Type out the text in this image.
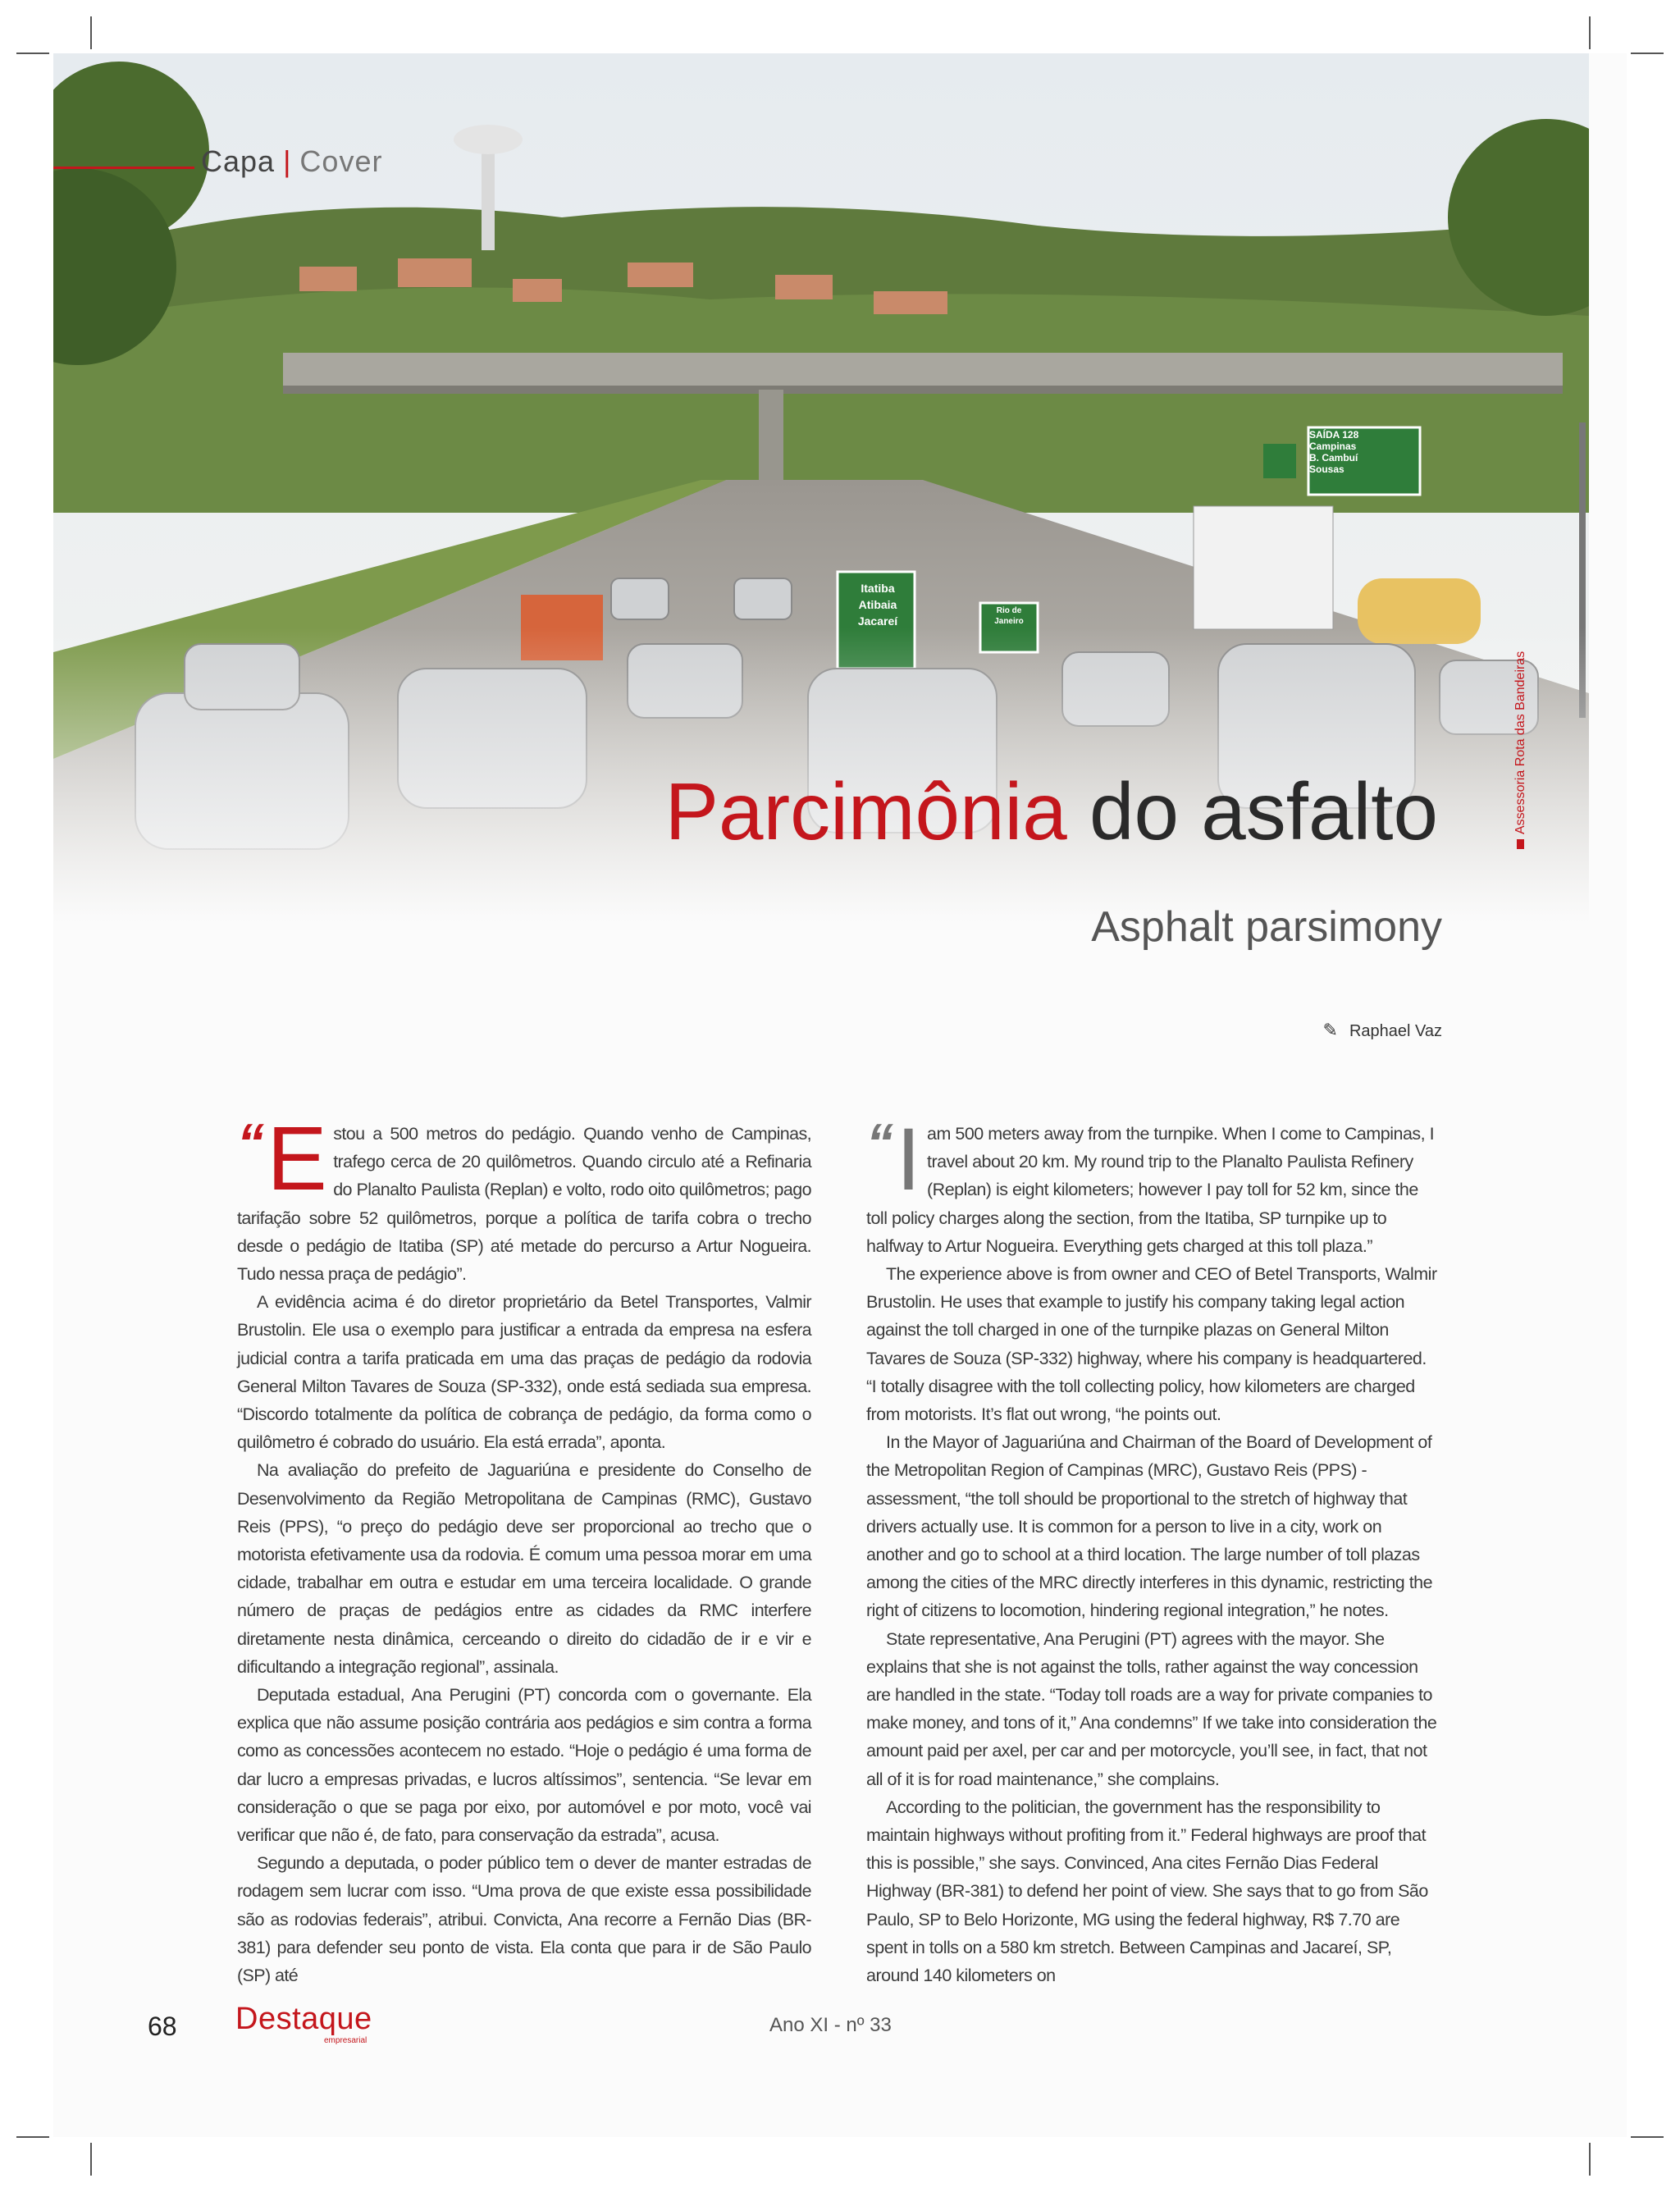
SAÍDA 128
Campinas
B. Cambuí
Sousas
Itatiba
Atibaia
Jacareí
Rio de Janeiro
Capa | Cover
Parcimônia do asfalto
Asphalt parsimony
Assessoria Rota das Bandeiras
✎ Raphael Vaz

“ E stou a 500 metros do pedágio. Quando venho de Campinas, trafego cerca de 20 quilômetros. Quando circulo até a Refinaria do Planalto Paulista (Replan) e volto, rodo oito quilômetros; pago tarifação sobre 52 quilômetros, porque a política de tarifa cobra o trecho desde o pedágio de Itatiba (SP) até metade do percurso a Artur Nogueira. Tudo nessa praça de pedágio”.

A evidência acima é do diretor proprietário da Betel Transportes, Valmir Brustolin. Ele usa o exemplo para justificar a entrada da empresa na esfera judicial contra a tarifa praticada em uma das praças de pedágio da rodovia General Milton Tavares de Souza (SP-332), onde está sediada sua empresa. “Discordo totalmente da política de cobrança de pedágio, da forma como o quilômetro é cobrado do usuário. Ela está errada”, aponta.

Na avaliação do prefeito de Jaguariúna e presidente do Conselho de Desenvolvimento da Região Metropolitana de Campinas (RMC), Gustavo Reis (PPS), “o preço do pedágio deve ser proporcional ao trecho que o motorista efetivamente usa da rodovia. É comum uma pessoa morar em uma cidade, trabalhar em outra e estudar em uma terceira localidade. O grande número de praças de pedágios entre as cidades da RMC interfere diretamente nesta dinâmica, cerceando o direito do cidadão de ir e vir e dificultando a integração regional”, assinala.

Deputada estadual, Ana Perugini (PT) concorda com o governante. Ela explica que não assume posição contrária aos pedágios e sim contra a forma como as concessões acontecem no estado. “Hoje o pedágio é uma forma de dar lucro a empresas privadas, e lucros altíssimos”, sentencia. “Se levar em consideração o que se paga por eixo, por automóvel e por moto, você vai verificar que não é, de fato, para conservação da estrada”, acusa.

Segundo a deputada, o poder público tem o dever de manter estradas de rodagem sem lucrar com isso. “Uma prova de que existe essa possibilidade são as rodovias federais”, atribui. Convicta, Ana recorre a Fernão Dias (BR-381) para defender seu ponto de vista. Ela conta que para ir de São Paulo (SP) até

“ I am 500 meters away from the turnpike. When I come to Campinas, I travel about 20 km. My round trip to the Planalto Paulista Refinery (Replan) is eight kilometers; however I pay toll for 52 km, since the toll policy charges along the section, from the Itatiba, SP turnpike up to halfway to Artur Nogueira. Everything gets charged at this toll plaza.”

The experience above is from owner and CEO of Betel Transports, Walmir Brustolin. He uses that example to justify his company taking legal action against the toll charged in one of the turnpike plazas on General Milton Tavares de Souza (SP-332) highway, where his company is headquartered. “I totally disagree with the toll collecting policy, how kilometers are charged from motorists. It’s flat out wrong, “he points out.

In the Mayor of Jaguariúna and Chairman of the Board of Development of the Metropolitan Region of Campinas (MRC), Gustavo Reis (PPS) - assessment, “the toll should be proportional to the stretch of highway that drivers actually use. It is common for a person to live in a city, work on another and go to school at a third location. The large number of toll plazas among the cities of the MRC directly interferes in this dynamic, restricting the right of citizens to locomotion, hindering regional integration,” he notes.

State representative, Ana Perugini (PT) agrees with the mayor. She explains that she is not against the tolls, rather against the way concession are handled in the state. “Today toll roads are a way for private companies to make money, and tons of it,” Ana condemns” If we take into consideration the amount paid per axel, per car and per motorcycle, you’ll see, in fact, that not all of it is for road maintenance,” she complains.

According to the politician, the government has the responsibility to maintain highways without profiting from it.” Federal highways are proof that this is possible,” she says. Convinced, Ana cites Fernão Dias Federal Highway (BR-381) to defend her point of view. She says that to go from São Paulo, SP to Belo Horizonte, MG using the federal highway, R$ 7.70 are spent in tolls on a 580 km stretch. Between Campinas and Jacareí, SP, around 140 kilometers on

68 Destaque
empresarial
Ano XI - nº 33
